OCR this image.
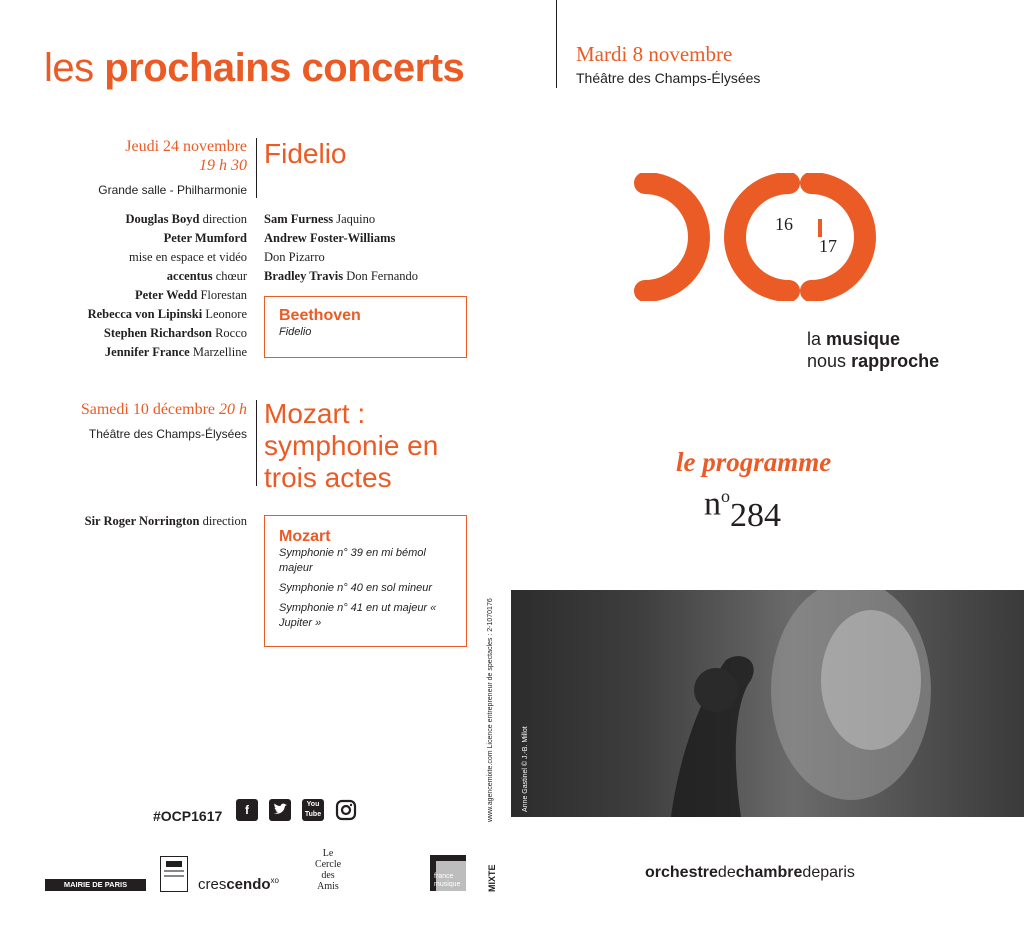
les prochains concerts
Jeudi 24 novembre
19 h 30
Grande salle - Philharmonie
Fidelio
Douglas Boyd direction
Peter Mumford
mise en espace et vidéo
accentus chœur
Peter Wedd Florestan
Rebecca von Lipinski Leonore
Stephen Richardson Rocco
Jennifer France Marzelline
Sam Furness Jaquino
Andrew Foster-Williams
Don Pizarro
Bradley Travis Don Fernando
Beethoven
Fidelio
Samedi 10 décembre 20 h
Théâtre des Champs-Élysées
Mozart :
symphonie en
trois actes
Sir Roger Norrington direction
Mozart
Symphonie n° 39 en mi bémol majeur
Symphonie n° 40 en sol mineur
Symphonie n° 41 en ut majeur « Jupiter »
#OCP1617	f	You Tube
MAIRIE DE PARIS	crescendo$^{xo}$
Le
Cercle
des
Amis
france musique
www.agencemixte.com Licence entrepreneur de spectacles : 2-1070176
MIXTE
Mardi 8 novembre
Théâtre des Champs-Élysées
16
17
la musique
nous rapproche
le programme
$n^o284$
Anne Gastinel © J.-B. Millot
orchestredechambredeparis
